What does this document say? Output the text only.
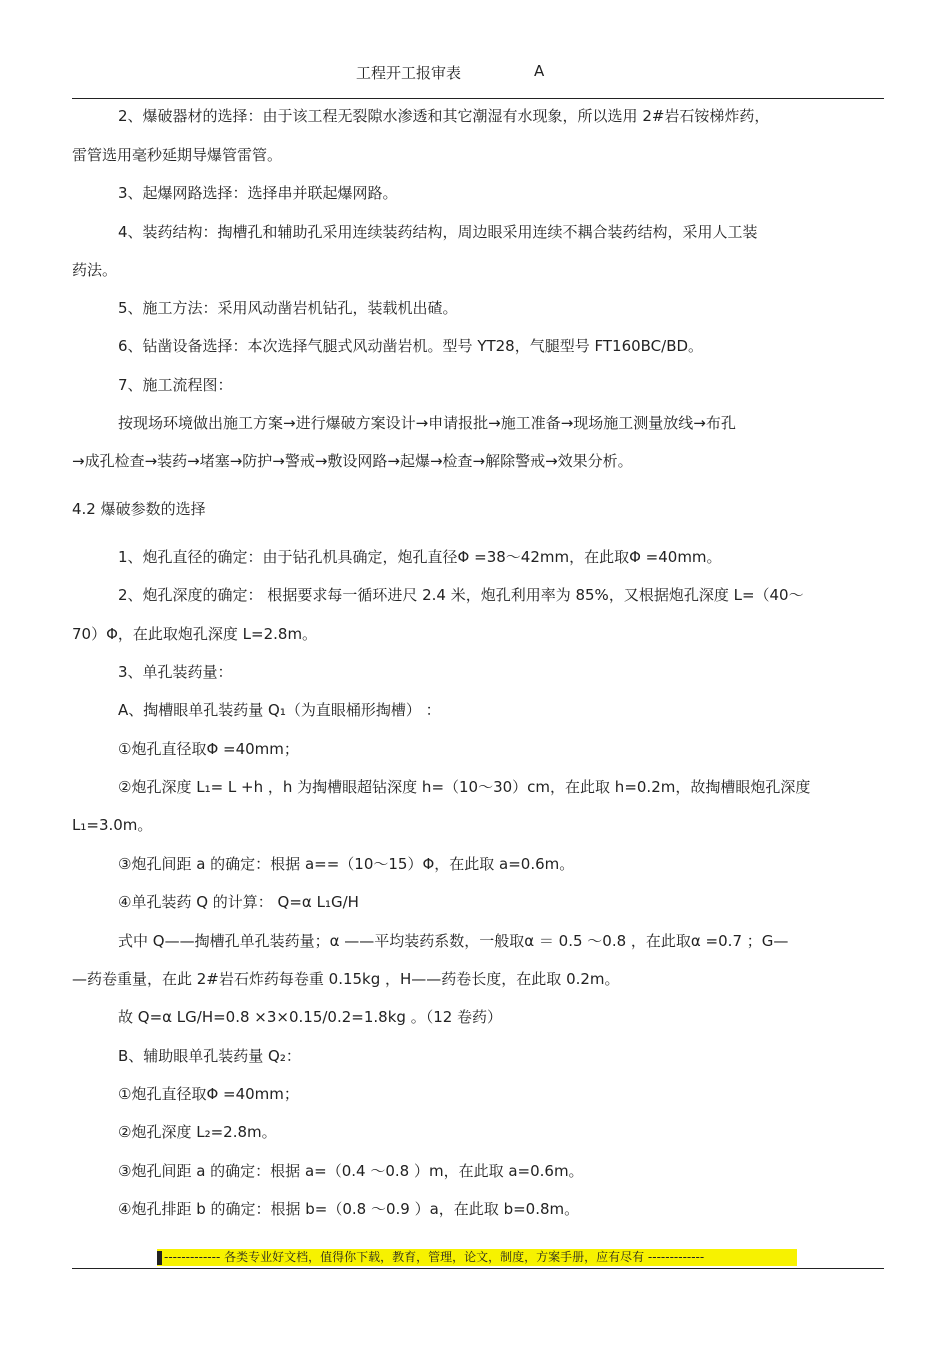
工程开工报审表	A
2、爆破器材的选择：由于该工程无裂隙水渗透和其它潮湿有水现象，所以选用 2#岩石铵梯炸药，
雷管选用毫秒延期导爆管雷管。
3、起爆网路选择：选择串并联起爆网路。
4、装药结构：掏槽孔和辅助孔采用连续装药结构，周边眼采用连续不耦合装药结构，采用人工装
药法。
5、施工方法：采用风动凿岩机钻孔，装载机出碴。
6、钻凿设备选择：本次选择气腿式风动凿岩机。型号 YT28，气腿型号 FT160BC/BD。
7、施工流程图：
按现场环境做出施工方案→进行爆破方案设计→申请报批→施工准备→现场施工测量放线→布孔
→成孔检查→装药→堵塞→防护→警戒→敷设网路→起爆→检查→解除警戒→效果分析。
4.2 爆破参数的选择
1、炮孔直径的确定：由于钻孔机具确定，炮孔直径Φ =38～42mm，在此取Φ =40mm。
2、炮孔深度的确定： 根据要求每一循环进尺 2.4 米，炮孔利用率为 85%，又根据炮孔深度 L=（40～
70）Φ，在此取炮孔深度 L=2.8m。
3、单孔装药量：
A、掏槽眼单孔装药量 Q₁（为直眼桶形掏槽） ：
①炮孔直径取Φ =40mm；
②炮孔深度 L₁= L +h ，h 为掏槽眼超钻深度 h=（10～30）cm，在此取 h=0.2m，故掏槽眼炮孔深度
L₁=3.0m。
③炮孔间距 a 的确定：根据 a==（10～15）Φ，在此取 a=0.6m。
④单孔装药 Q 的计算： Q=α L₁G/H
式中 Q——掏槽孔单孔装药量；α ——平均装药系数，一般取α ＝ 0.5 ～0.8 ，在此取α =0.7 ；G—
—药卷重量，在此 2#岩石炸药每卷重 0.15kg ，H——药卷长度，在此取 0.2m。
故 Q=α LG/H=0.8 ×3×0.15/0.2=1.8kg 。（12 卷药）
B、辅助眼单孔装药量 Q₂：
①炮孔直径取Φ =40mm；
②炮孔深度 L₂=2.8m。
③炮孔间距 a 的确定：根据 a=（0.4 ～0.8 ）m，在此取 a=0.6m。
④炮孔排距 b 的确定：根据 b=（0.8 ～0.9 ）a，在此取 b=0.8m。
------------- 各类专业好文档，值得你下载，教育，管理，论文，制度，方案手册，应有尽有 -------------
